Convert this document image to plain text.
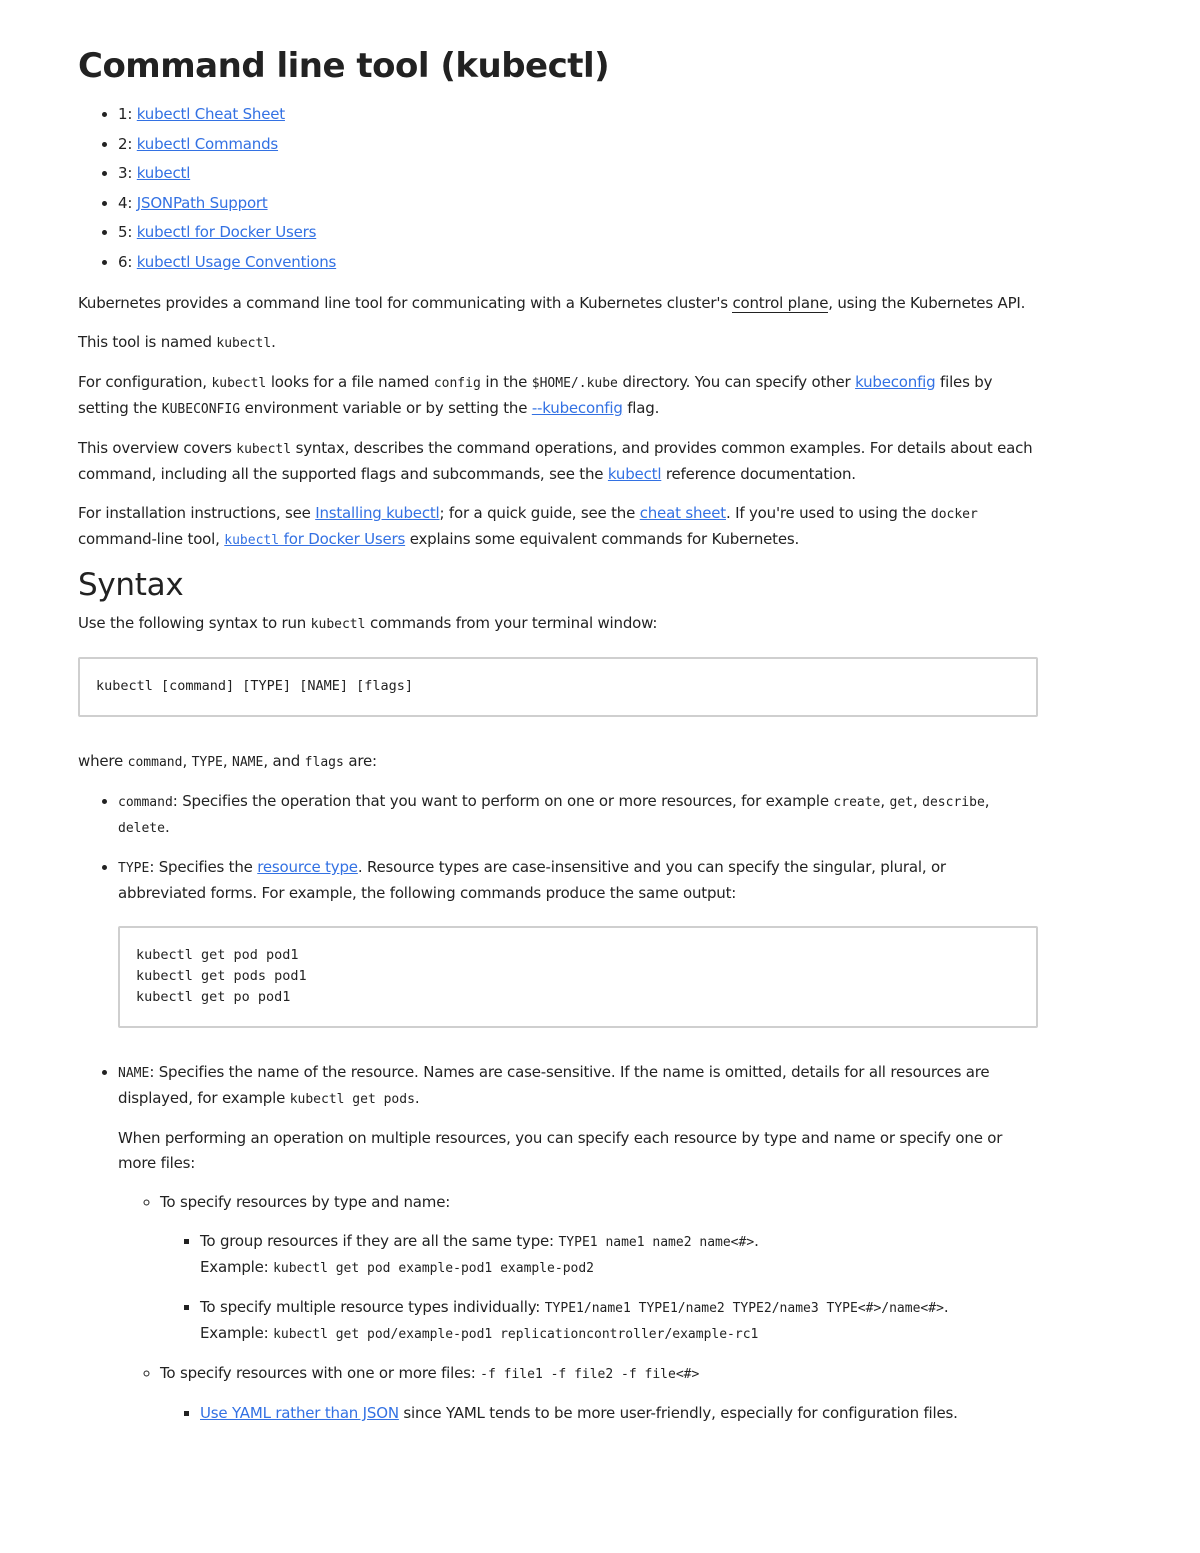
Command line tool (kubectl)
• 1: kubectl Cheat Sheet
• 2: kubectl Commands
• 3: kubectl
• 4: JSONPath Support
• 5: kubectl for Docker Users
• 6: kubectl Usage Conventions

Kubernetes provides a command line tool for communicating with a Kubernetes cluster's control plane, using the Kubernetes API.

This tool is named kubectl.

For configuration, kubectl looks for a file named config in the $HOME/.kube directory. You can specify other kubeconfig files by setting the KUBECONFIG environment variable or by setting the --kubeconfig flag.

This overview covers kubectl syntax, describes the command operations, and provides common examples. For details about each command, including all the supported flags and subcommands, see the kubectl reference documentation.

For installation instructions, see Installing kubectl; for a quick guide, see the cheat sheet. If you're used to using the docker command-line tool, kubectl for Docker Users explains some equivalent commands for Kubernetes.

Syntax

Use the following syntax to run kubectl commands from your terminal window:

kubectl [command] [TYPE] [NAME] [flags]

where command, TYPE, NAME, and flags are:

• command: Specifies the operation that you want to perform on one or more resources, for example create, get, describe, delete.
• TYPE: Specifies the resource type. Resource types are case-insensitive and you can specify the singular, plural, or abbreviated forms. For example, the following commands produce the same output:
kubectl get pod pod1
kubectl get pods pod1
kubectl get po pod1

• NAME: Specifies the name of the resource. Names are case-sensitive. If the name is omitted, details for all resources are displayed, for example kubectl get pods.

When performing an operation on multiple resources, you can specify each resource by type and name or specify one or more files:

◦ To specify resources by type and name:
▪ To group resources if they are all the same type: TYPE1 name1 name2 name<#>.
Example: kubectl get pod example-pod1 example-pod2
▪ To specify multiple resource types individually: TYPE1/name1 TYPE1/name2 TYPE2/name3 TYPE<#>/name<#>.
Example: kubectl get pod/example-pod1 replicationcontroller/example-rc1
◦ To specify resources with one or more files: -f file1 -f file2 -f file<#>
▪ Use YAML rather than JSON since YAML tends to be more user-friendly, especially for configuration files.
